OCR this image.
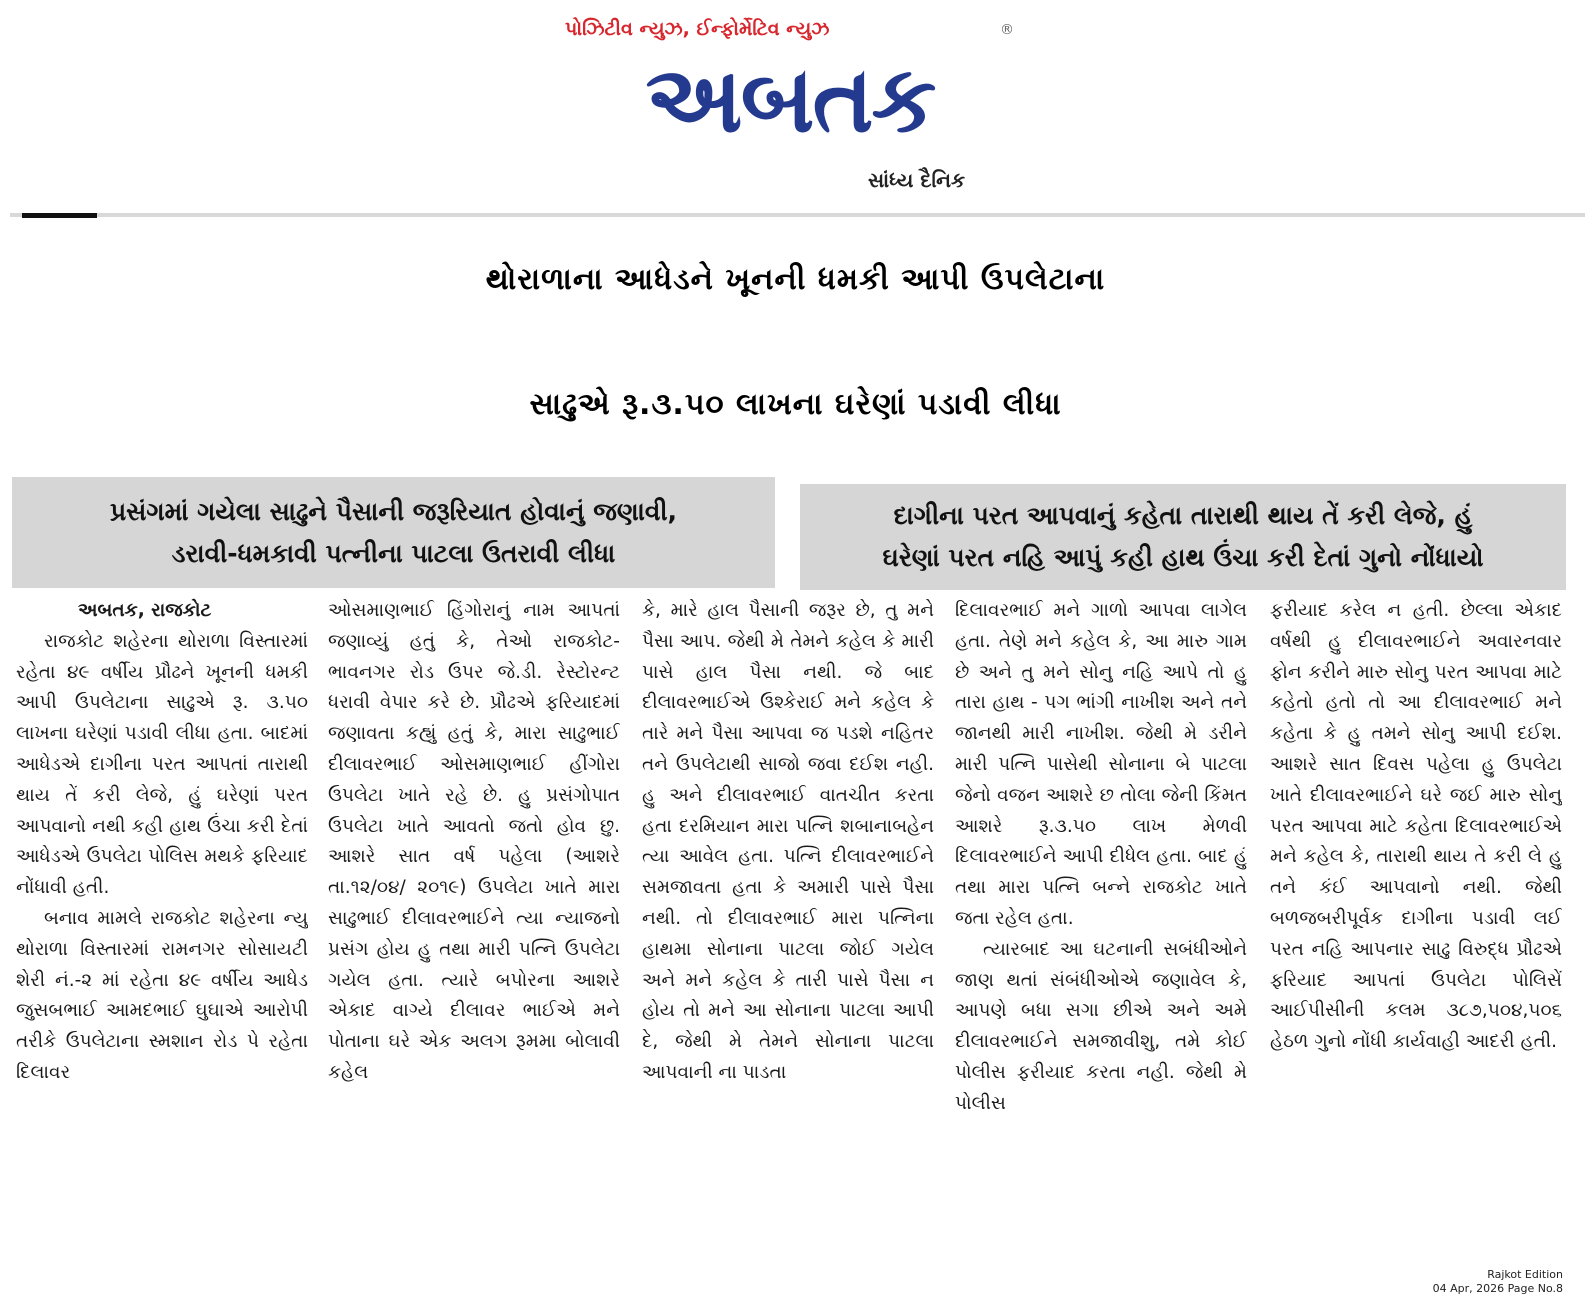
પોઝિટીવ ન્યુઝ, ઈન્ફોર્મેટિવ ન્યુઝ	®
અબતક
સાંધ્ય દૈનિક
થોરાળાના આધેડને ખૂનની ધમકી આપી ઉપલેટાના
સાઢુએ રૂ.૩.૫૦ લાખના ઘરેણાં પડાવી લીધા
પ્રસંગમાં ગયેલા સાઢુને પૈસાની જરૂરિયાત હોવાનું જણાવી,
ડરાવી-ધમકાવી પત્નીના પાટલા ઉતરાવી લીધા
દાગીના પરત આપવાનું કહેતા તારાથી થાય તેં કરી લેજે, હું
ઘરેણાં પરત નહિ આપું કહી હાથ ઉંચા કરી દેતાં ગુનો નોંધાયો
અબતક, રાજકોટ

રાજકોટ શહેરના થોરાળા વિસ્તારમાં રહેતા ૪૯ વર્ષીય પ્રૌઢને ખૂનની ધમકી આપી ઉપલેટાના સાઢુએ રૂ. ૩.૫૦ લાખના ઘરેણાં પડાવી લીધા હતા. બાદમાં આધેડએ દાગીના પરત આપતાં તારાથી થાય તેં કરી લેજે, હું ઘરેણાં પરત આપવાનો નથી કહી હાથ ઉંચા કરી દેતાં આધેડએ ઉપલેટા પોલિસ મથકે ફરિયાદ નોંધાવી હતી.

બનાવ મામલે રાજકોટ શહેરના ન્યુ થોરાળા વિસ્તારમાં રામનગર સોસાયટી શેરી નં.-૨ માં રહેતા ૪૯ વર્ષીય આધેડ જુસબભાઈ આમદભાઈ ઘુઘાએ આરોપી તરીકે ઉપલેટાના સ્મશાન રોડ પે રહેતા દિલાવર

ઓસમાણભાઈ હિંગોરાનું નામ આપતાં જણાવ્યું હતું કે, તેઓ રાજકોટ-ભાવનગર રોડ ઉપર જે.ડી. રેસ્ટોરન્ટ ધરાવી વેપાર કરે છે. પ્રૌઢએ ફરિયાદમાં જણાવતા કહ્યું હતું કે, મારા સાઢુભાઈ દીલાવરભાઈ ઓસમાણભાઈ હીંગોરા ઉપલેટા ખાતે રહે છે. હુ પ્રસંગોપાત ઉપલેટા ખાતે આવતો જતો હોવ છુ. આશરે સાત વર્ષ પહેલા (આશરે તા.૧૨/૦૪/ ૨૦૧૯) ઉપલેટા ખાતે મારા સાઢુભાઈ દીલાવરભાઈને ત્યા ન્યાજનો પ્રસંગ હોય હુ તથા મારી પત્નિ ઉપલેટા ગયેલ હતા. ત્યારે બપોરના આશરે એકાદ વાગ્યે દીલાવર ભાઈએ મને પોતાના ઘરે એક અલગ રૂમમા બોલાવી કહેલ

કે, મારે હાલ પૈસાની જરૂર છે, તુ મને પૈસા આપ. જેથી મે તેમને કહેલ કે મારી પાસે હાલ પૈસા નથી. જે બાદ દીલાવરભાઈએ ઉશ્કેરાઈ મને કહેલ કે તારે મને પૈસા આપવા જ પડશે નહિતર તને ઉપલેટાથી સાજો જવા દઈશ નહી. હુ અને દીલાવરભાઈ વાતચીત કરતા હતા દરમિયાન મારા પત્નિ શબાનાબહેન ત્યા આવેલ હતા. પત્નિ દીલાવરભાઈને સમજાવતા હતા કે અમારી પાસે પૈસા નથી. તો દીલાવરભાઈ મારા પત્નિના હાથમા સોનાના પાટલા જોઈ ગયેલ અને મને કહેલ કે તારી પાસે પૈસા ન હોય તો મને આ સોનાના પાટલા આપી દે, જેથી મે તેમને સોનાના પાટલા આપવાની ના પાડતા

દિલાવરભાઈ મને ગાળો આપવા લાગેલ હતા. તેણે મને કહેલ કે, આ મારુ ગામ છે અને તુ મને સોનુ નહિ આપે તો હુ તારા હાથ - પગ ભાંગી નાખીશ અને તને જાનથી મારી નાખીશ. જેથી મે ડરીને મારી પત્નિ પાસેથી સોનાના બે પાટલા જેનો વજન આશરે છ તોલા જેની કિંમત આશરે રૂ.૩.૫૦ લાખ મેળવી દિલાવરભાઈને આપી દીધેલ હતા. બાદ હું તથા મારા પત્નિ બન્ને રાજકોટ ખાતે જતા રહેલ હતા.

ત્યારબાદ આ ઘટનાની સબંધીઓને જાણ થતાં સંબંધીઓએ જણાવેલ કે, આપણે બધા સગા છીએ અને અમે દીલાવરભાઈને સમજાવીશુ, તમે કોઈ પોલીસ ફરીયાદ કરતા નહી. જેથી મે પોલીસ

ફરીયાદ કરેલ ન હતી. છેલ્લા એકાદ વર્ષથી હુ દીલાવરભાઈને અવારનવાર ફોન કરીને મારુ સોનુ પરત આપવા માટે કહેતો હતો તો આ દીલાવરભાઈ મને કહેતા કે હુ તમને સોનુ આપી દઈશ. આશરે સાત દિવસ પહેલા હુ ઉપલેટા ખાતે દીલાવરભાઈને ઘરે જઈ મારુ સોનુ પરત આપવા માટે કહેતા દિલાવરભાઈએ મને કહેલ કે, તારાથી થાય તે કરી લે હુ તને કંઈ આપવાનો નથી. જેથી બળજબરીપૂર્વક દાગીના પડાવી લઈ પરત નહિ આપનાર સાઢુ વિરુદ્ધ પ્રૌઢએ ફરિયાદ આપતાં ઉપલેટા પોલિસેં આઈપીસીની કલમ ૩૮૭,૫૦૪,૫૦૬ હેઠળ ગુનો નોંધી કાર્યવાહી આદરી હતી.

Rajkot Edition
04 Apr, 2026 Page No.8
